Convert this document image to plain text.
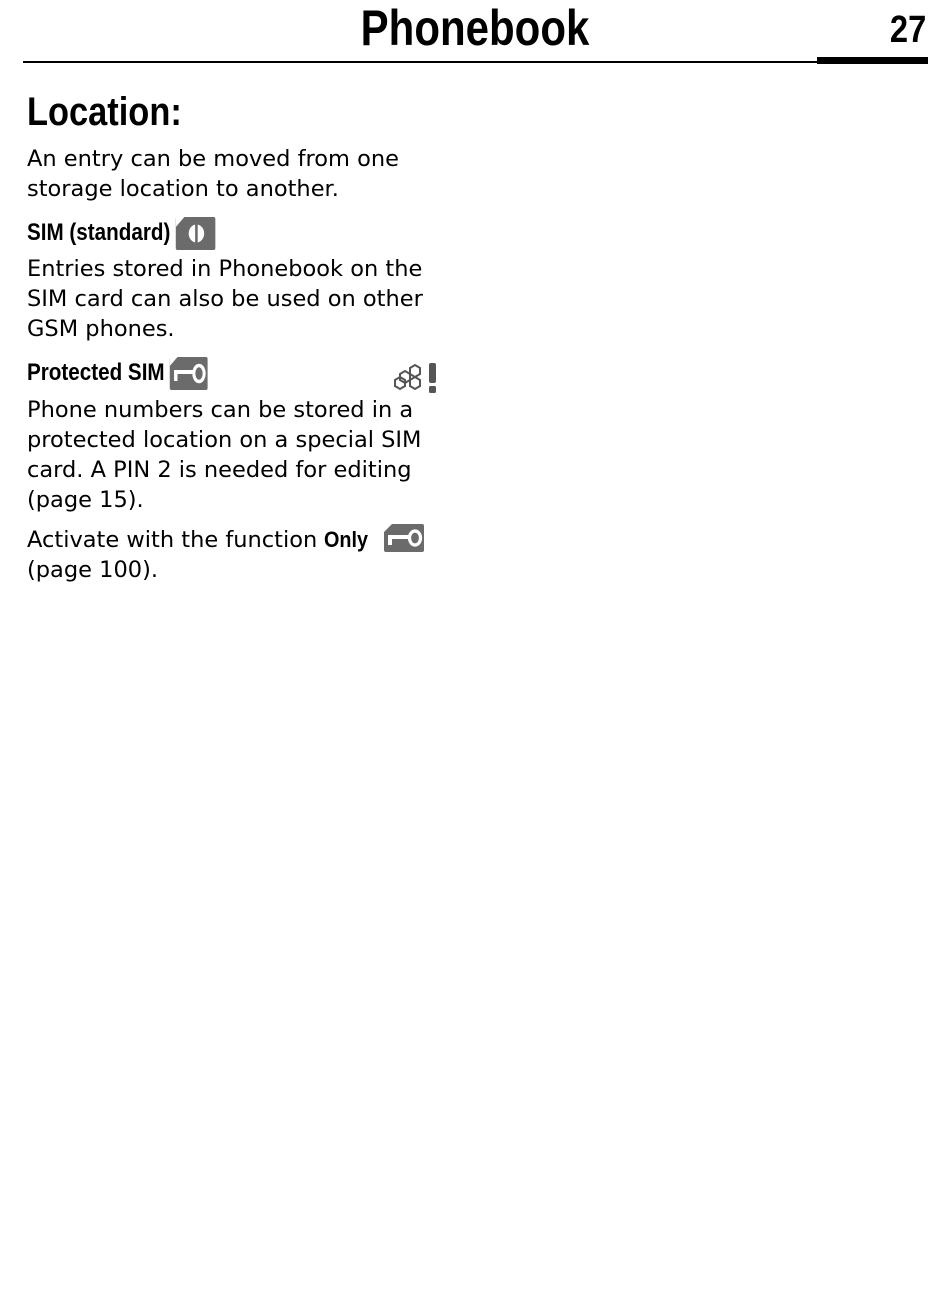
Phonebook	27
Location:
An entry can be moved from one storage location to another.
SIM (standard)
Entries stored in Phonebook on the SIM card can also be used on other GSM phones.
Protected SIM
Phone numbers can be stored in a protected location on a special SIM card. A PIN 2 is needed for editing (page 15).
Activate with the function Only

(page 100).
